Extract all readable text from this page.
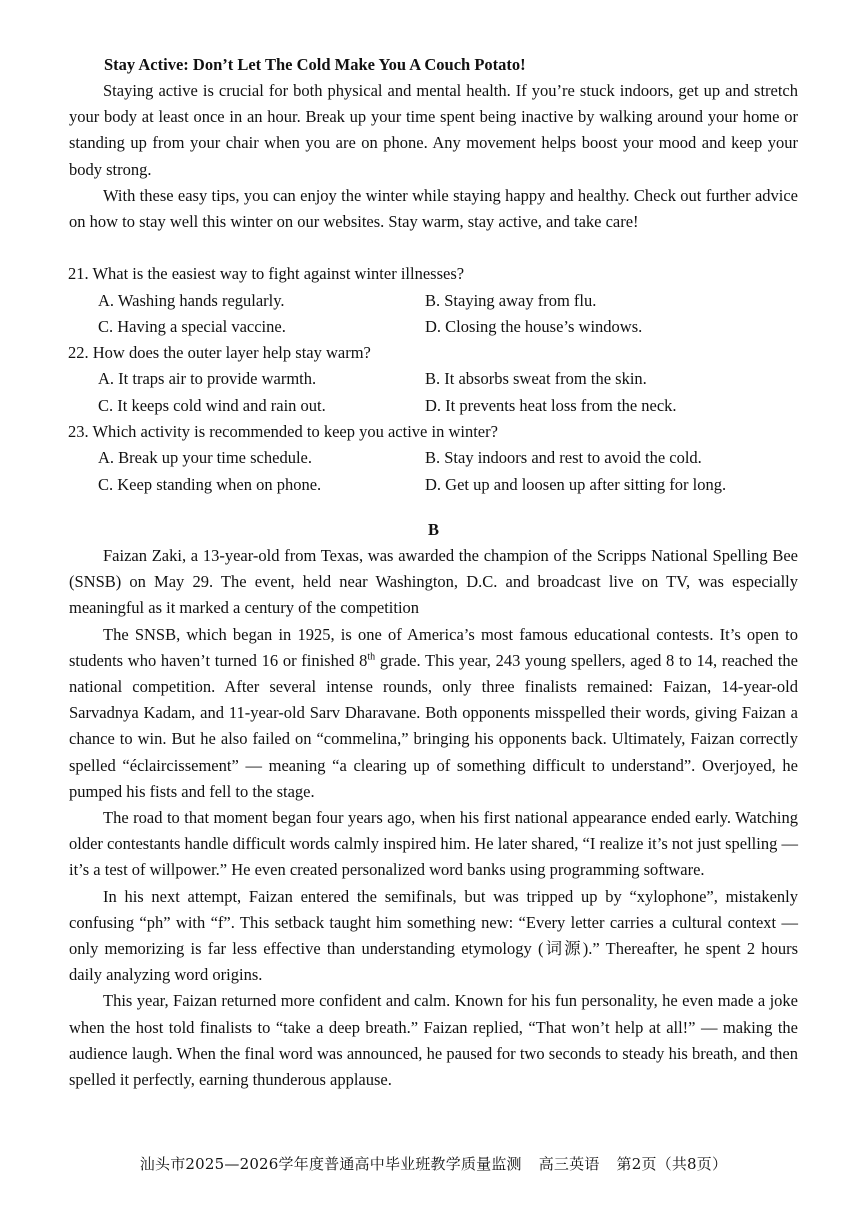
Stay Active: Don’t Let The Cold Make You A Couch Potato!

Staying active is crucial for both physical and mental health. If you’re stuck indoors, get up and stretch your body at least once in an hour. Break up your time spent being inactive by walking around your home or standing up from your chair when you are on phone. Any movement helps boost your mood and keep your body strong.

With these easy tips, you can enjoy the winter while staying happy and healthy. Check out further advice on how to stay well this winter on our websites. Stay warm, stay active, and take care!

21. What is the easiest way to fight against winter illnesses?
A. Washing hands regularly.	B. Staying away from flu.
C. Having a special vaccine.	D. Closing the house’s windows.
22. How does the outer layer help stay warm?
A. It traps air to provide warmth.	B. It absorbs sweat from the skin.
C. It keeps cold wind and rain out.	D. It prevents heat loss from the neck.
23. Which activity is recommended to keep you active in winter?
A. Break up your time schedule.	B. Stay indoors and rest to avoid the cold.
C. Keep standing when on phone.	D. Get up and loosen up after sitting for long.
B

Faizan Zaki, a 13-year-old from Texas, was awarded the champion of the Scripps National Spelling Bee (SNSB) on May 29. The event, held near Washington, D.C. and broadcast live on TV, was especially meaningful as it marked a century of the competition

The SNSB, which began in 1925, is one of America’s most famous educational contests. It’s open to students who haven’t turned 16 or finished 8th grade. This year, 243 young spellers, aged 8 to 14, reached the national competition. After several intense rounds, only three finalists remained: Faizan, 14-year-old Sarvadnya Kadam, and 11-year-old Sarv Dharavane. Both opponents misspelled their words, giving Faizan a chance to win. But he also failed on “commelina,” bringing his opponents back. Ultimately, Faizan correctly spelled “éclaircissement” — meaning “a clearing up of something difficult to understand”. Overjoyed, he pumped his fists and fell to the stage.

The road to that moment began four years ago, when his first national appearance ended early. Watching older contestants handle difficult words calmly inspired him. He later shared, “I realize it’s not just spelling — it’s a test of willpower.” He even created personalized word banks using programming software.

In his next attempt, Faizan entered the semifinals, but was tripped up by “xylophone”, mistakenly confusing “ph” with “f”. This setback taught him something new: “Every letter carries a cultural context — only memorizing is far less effective than understanding etymology (词源).” Thereafter, he spent 2 hours daily analyzing word origins.

This year, Faizan returned more confident and calm. Known for his fun personality, he even made a joke when the host told finalists to “take a deep breath.” Faizan replied, “That won’t help at all!” — making the audience laugh. When the final word was announced, he paused for two seconds to steady his breath, and then spelled it perfectly, earning thunderous applause.

汕头市2025—2026学年度普通高中毕业班教学质量监测 高三英语 第2页（共8页）
